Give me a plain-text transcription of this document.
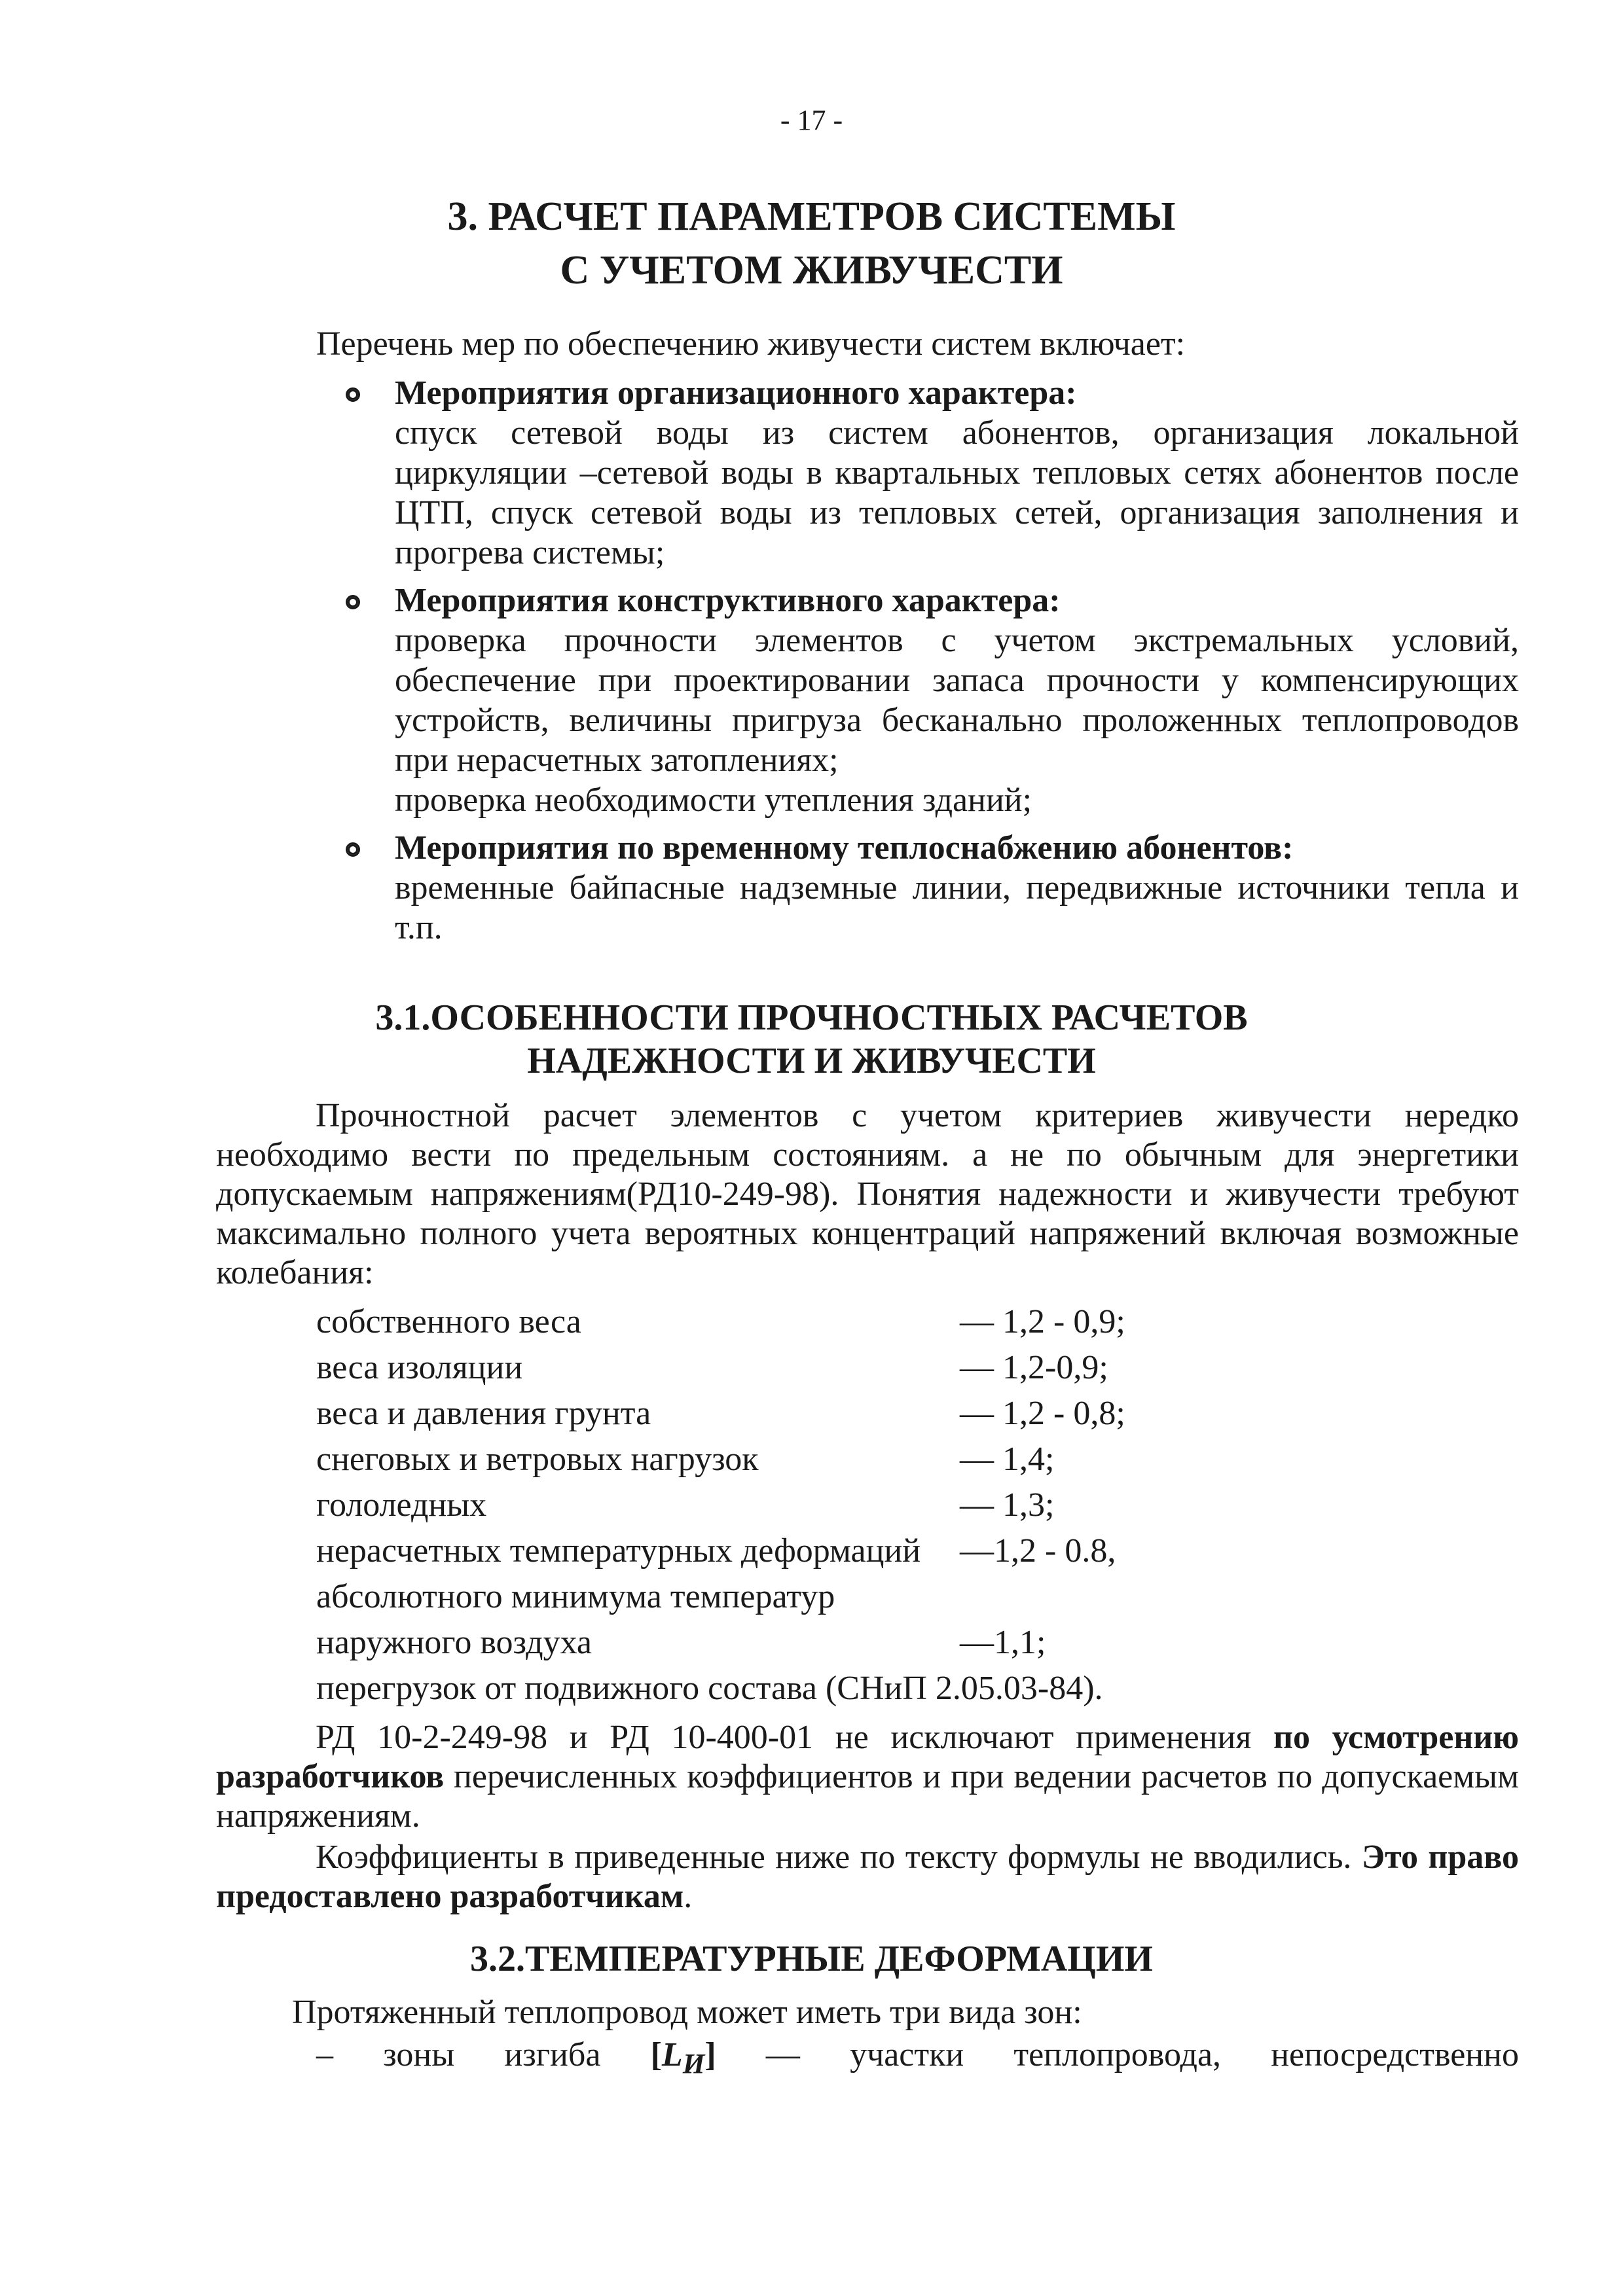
- 17 -
3. РАСЧЕТ ПАРАМЕТРОВ СИСТЕМЫ
С УЧЕТОМ ЖИВУЧЕСТИ
Перечень мер по обеспечению живучести систем включает:
Мероприятия организационного характера:

спуск сетевой воды из систем абонентов, организация локальной циркуляции –сетевой воды в квартальных тепловых сетях абонентов после ЦТП, спуск сетевой воды из тепловых сетей, организация заполнения и прогрева системы;

Мероприятия конструктивного характера:

проверка прочности элементов с учетом экстремальных условий, обеспечение при проектировании запаса прочности у компенсирующих устройств, величины пригруза бесканально проложенных теплопроводов при нерасчетных затоплениях;

проверка необходимости утепления зданий;

Мероприятия по временному теплоснабжению абонентов:

временные байпасные надземные линии, передвижные источники тепла и т.п.

3.1.ОСОБЕННОСТИ ПРОЧНОСТНЫХ РАСЧЕТОВ
НАДЕЖНОСТИ И ЖИВУЧЕСТИ

Прочностной расчет элементов с учетом критериев живучести нередко необходимо вести по предельным состояниям. а не по обычным для энергетики допускаемым напряжениям(РД10-249-98). Понятия надежности и живучести требуют максимально полного учета вероятных концентраций напряжений включая возможные колебания:

собственного веса	— 1,2 - 0,9;
веса изоляции	— 1,2-0,9;
веса и давления грунта	— 1,2 - 0,8;
снеговых и ветровых нагрузок	— 1,4;
гололедных	— 1,3;
нерасчетных температурных деформаций	—1,2 - 0.8,
абсолютного минимума температур
наружного воздуха	—1,1;
перегрузок от подвижного состава (СНиП 2.05.03-84).

РД 10-2-249-98 и РД 10-400-01 не исключают применения по усмотрению разработчиков перечисленных коэффициентов и при ведении расчетов по допускаемым напряжениям.

Коэффициенты в приведенные ниже по тексту формулы не вводились. Это право предоставлено разработчикам.

3.2.ТЕМПЕРАТУРНЫЕ ДЕФОРМАЦИИ

Протяженный теплопровод может иметь три вида зон:

– зоны изгиба $[L_И]$ — участки теплопровода, непосредственно
